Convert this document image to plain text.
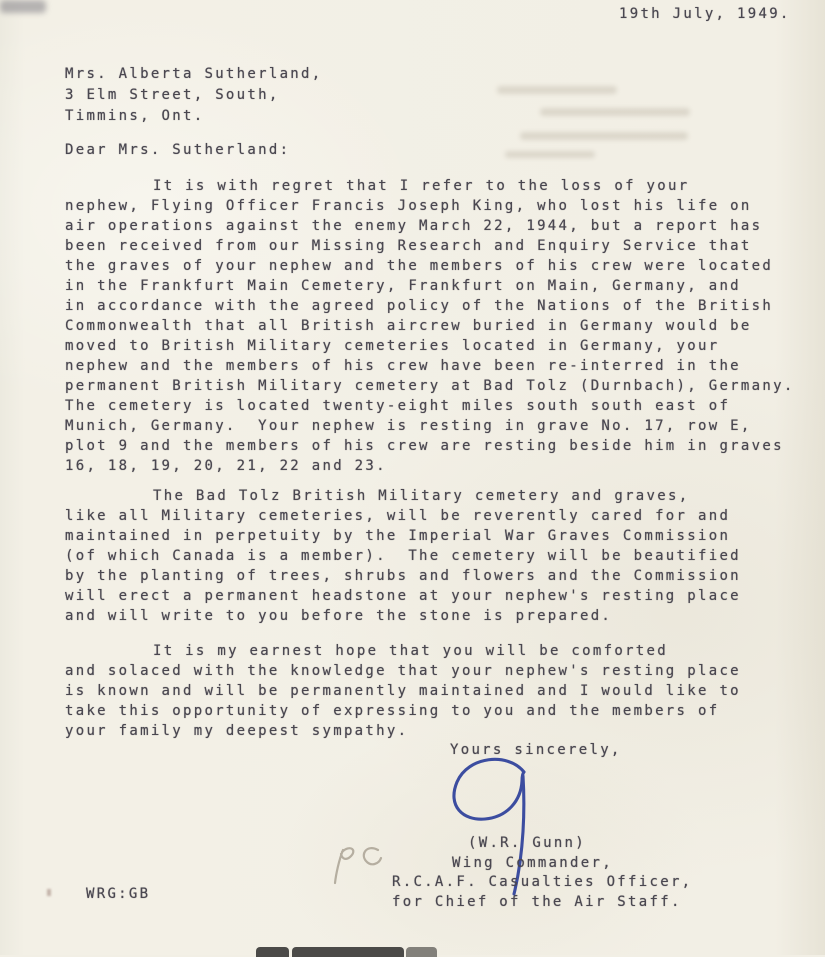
19th July, 1949.
Mrs. Alberta Sutherland,
3 Elm Street, South,
Timmins, Ont.
Dear Mrs. Sutherland:
It is with regret that I refer to the loss of your
nephew, Flying Officer Francis Joseph King, who lost his life on
air operations against the enemy March 22, 1944, but a report has
been received from our Missing Research and Enquiry Service that
the graves of your nephew and the members of his crew were located
in the Frankfurt Main Cemetery, Frankfurt on Main, Germany, and
in accordance with the agreed policy of the Nations of the British
Commonwealth that all British aircrew buried in Germany would be
moved to British Military cemeteries located in Germany, your
nephew and the members of his crew have been re-interred in the
permanent British Military cemetery at Bad Tolz (Durnbach), Germany.
The cemetery is located twenty-eight miles south south east of
Munich, Germany.  Your nephew is resting in grave No. 17, row E,
plot 9 and the members of his crew are resting beside him in graves
16, 18, 19, 20, 21, 22 and 23.
The Bad Tolz British Military cemetery and graves,
like all Military cemeteries, will be reverently cared for and
maintained in perpetuity by the Imperial War Graves Commission
(of which Canada is a member).  The cemetery will be beautified
by the planting of trees, shrubs and flowers and the Commission
will erect a permanent headstone at your nephew's resting place
and will write to you before the stone is prepared.
It is my earnest hope that you will be comforted
and solaced with the knowledge that your nephew's resting place
is known and will be permanently maintained and I would like to
take this opportunity of expressing to you and the members of
your family my deepest sympathy.
Yours sincerely,
(W.R. Gunn)
Wing Commander,
R.C.A.F. Casualties Officer,
for Chief of the Air Staff.
WRG:GB
